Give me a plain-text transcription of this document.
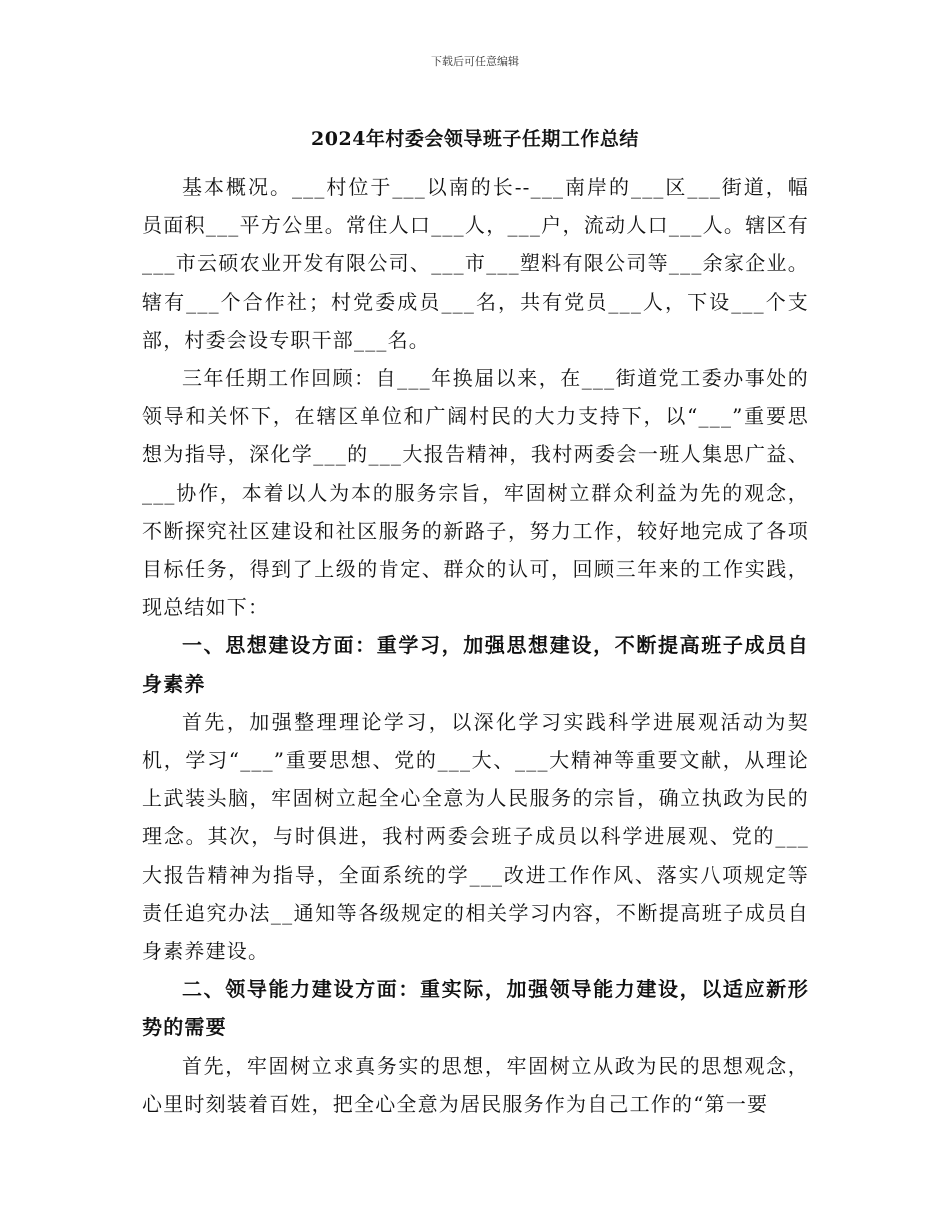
下载后可任意编辑
2024年村委会领导班子任期工作总结

基本概况。___村位于___以南的长--___南岸的___区___街道，幅员面积___平方公里。常住人口___人，___户，流动人口___人。辖区有___市云硕农业开发有限公司、___市___塑料有限公司等___余家企业。辖有___个合作社；村党委成员___名，共有党员___人，下设___个支部，村委会设专职干部___名。

三年任期工作回顾：自___年换届以来，在___街道党工委办事处的领导和关怀下，在辖区单位和广阔村民的大力支持下，以“___”重要思想为指导，深化学___的___大报告精神，我村两委会一班人集思广益、___协作，本着以人为本的服务宗旨，牢固树立群众利益为先的观念，不断探究社区建设和社区服务的新路子，努力工作，较好地完成了各项目标任务，得到了上级的肯定、群众的认可，回顾三年来的工作实践，现总结如下：

一、思想建设方面：重学习，加强思想建设，不断提高班子成员自身素养

首先，加强整理理论学习，以深化学习实践科学进展观活动为契机，学习“___”重要思想、党的___大、___大精神等重要文献，从理论上武装头脑，牢固树立起全心全意为人民服务的宗旨，确立执政为民的理念。其次，与时俱进，我村两委会班子成员以科学进展观、党的___大报告精神为指导，全面系统的学___改进工作作风、落实八项规定等责任追究办法__通知等各级规定的相关学习内容，不断提高班子成员自身素养建设。

二、领导能力建设方面：重实际，加强领导能力建设，以适应新形势的需要

首先，牢固树立求真务实的思想，牢固树立从政为民的思想观念，心里时刻装着百姓，把全心全意为居民服务作为自己工作的“第一要
